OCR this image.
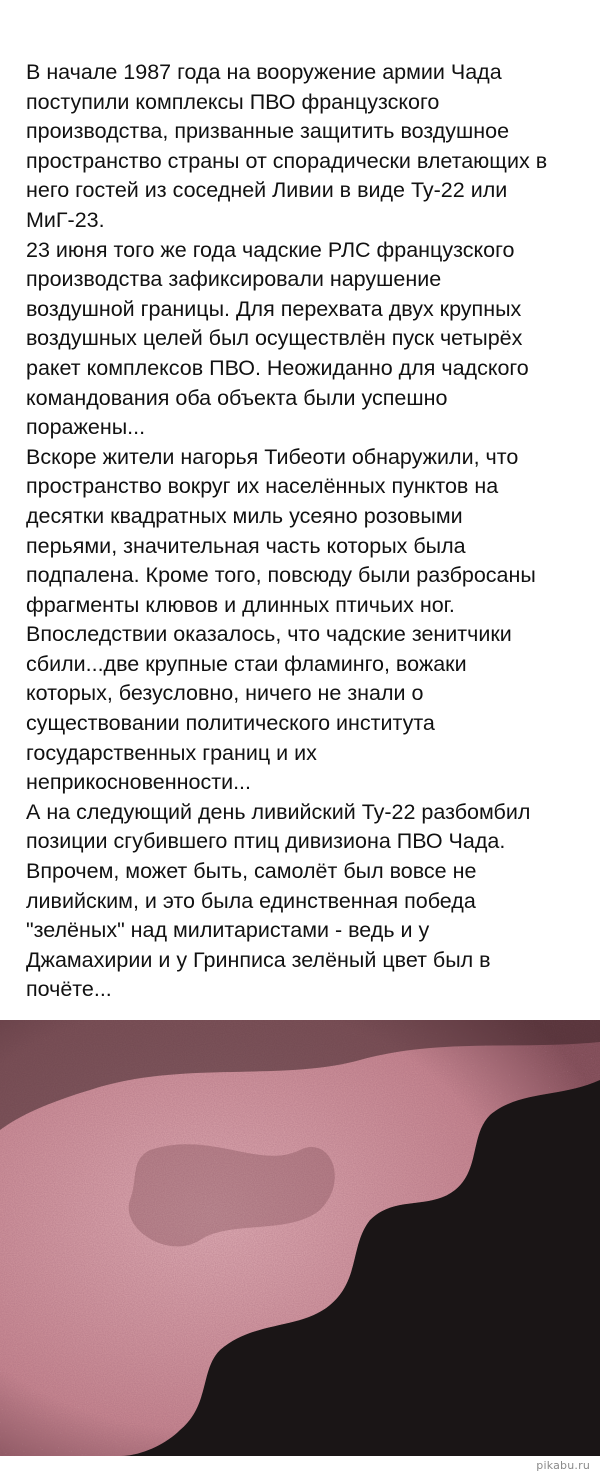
В начале 1987 года на вооружение армии Чада
поступили комплексы ПВО французского
производства, призванные защитить воздушное
пространство страны от спорадически влетающих в
него гостей из соседней Ливии в виде Ту-22 или
МиГ-23.

23 июня того же года чадские РЛС французского
производства зафиксировали нарушение
воздушной границы. Для перехвата двух крупных
воздушных целей был осуществлён пуск четырёх
ракет комплексов ПВО. Неожиданно для чадского
командования оба объекта были успешно
поражены...

Вскоре жители нагорья Тибеоти обнаружили, что
пространство вокруг их населённых пунктов на
десятки квадратных миль усеяно розовыми
перьями, значительная часть которых была
подпалена. Кроме того, повсюду были разбросаны
фрагменты клювов и длинных птичьих ног.
Впоследствии оказалось, что чадские зенитчики
сбили...две крупные стаи фламинго, вожаки
которых, безусловно, ничего не знали о
существовании политического института
государственных границ и их
неприкосновенности...

А на следующий день ливийский Ту-22 разбомбил
позиции сгубившего птиц дивизиона ПВО Чада.
Впрочем, может быть, самолёт был вовсе не
ливийским, и это была единственная победа
"зелёных" над милитаристами - ведь и у
Джамахирии и у Гринписа зелёный цвет был в
почёте...

pikabu.ru
